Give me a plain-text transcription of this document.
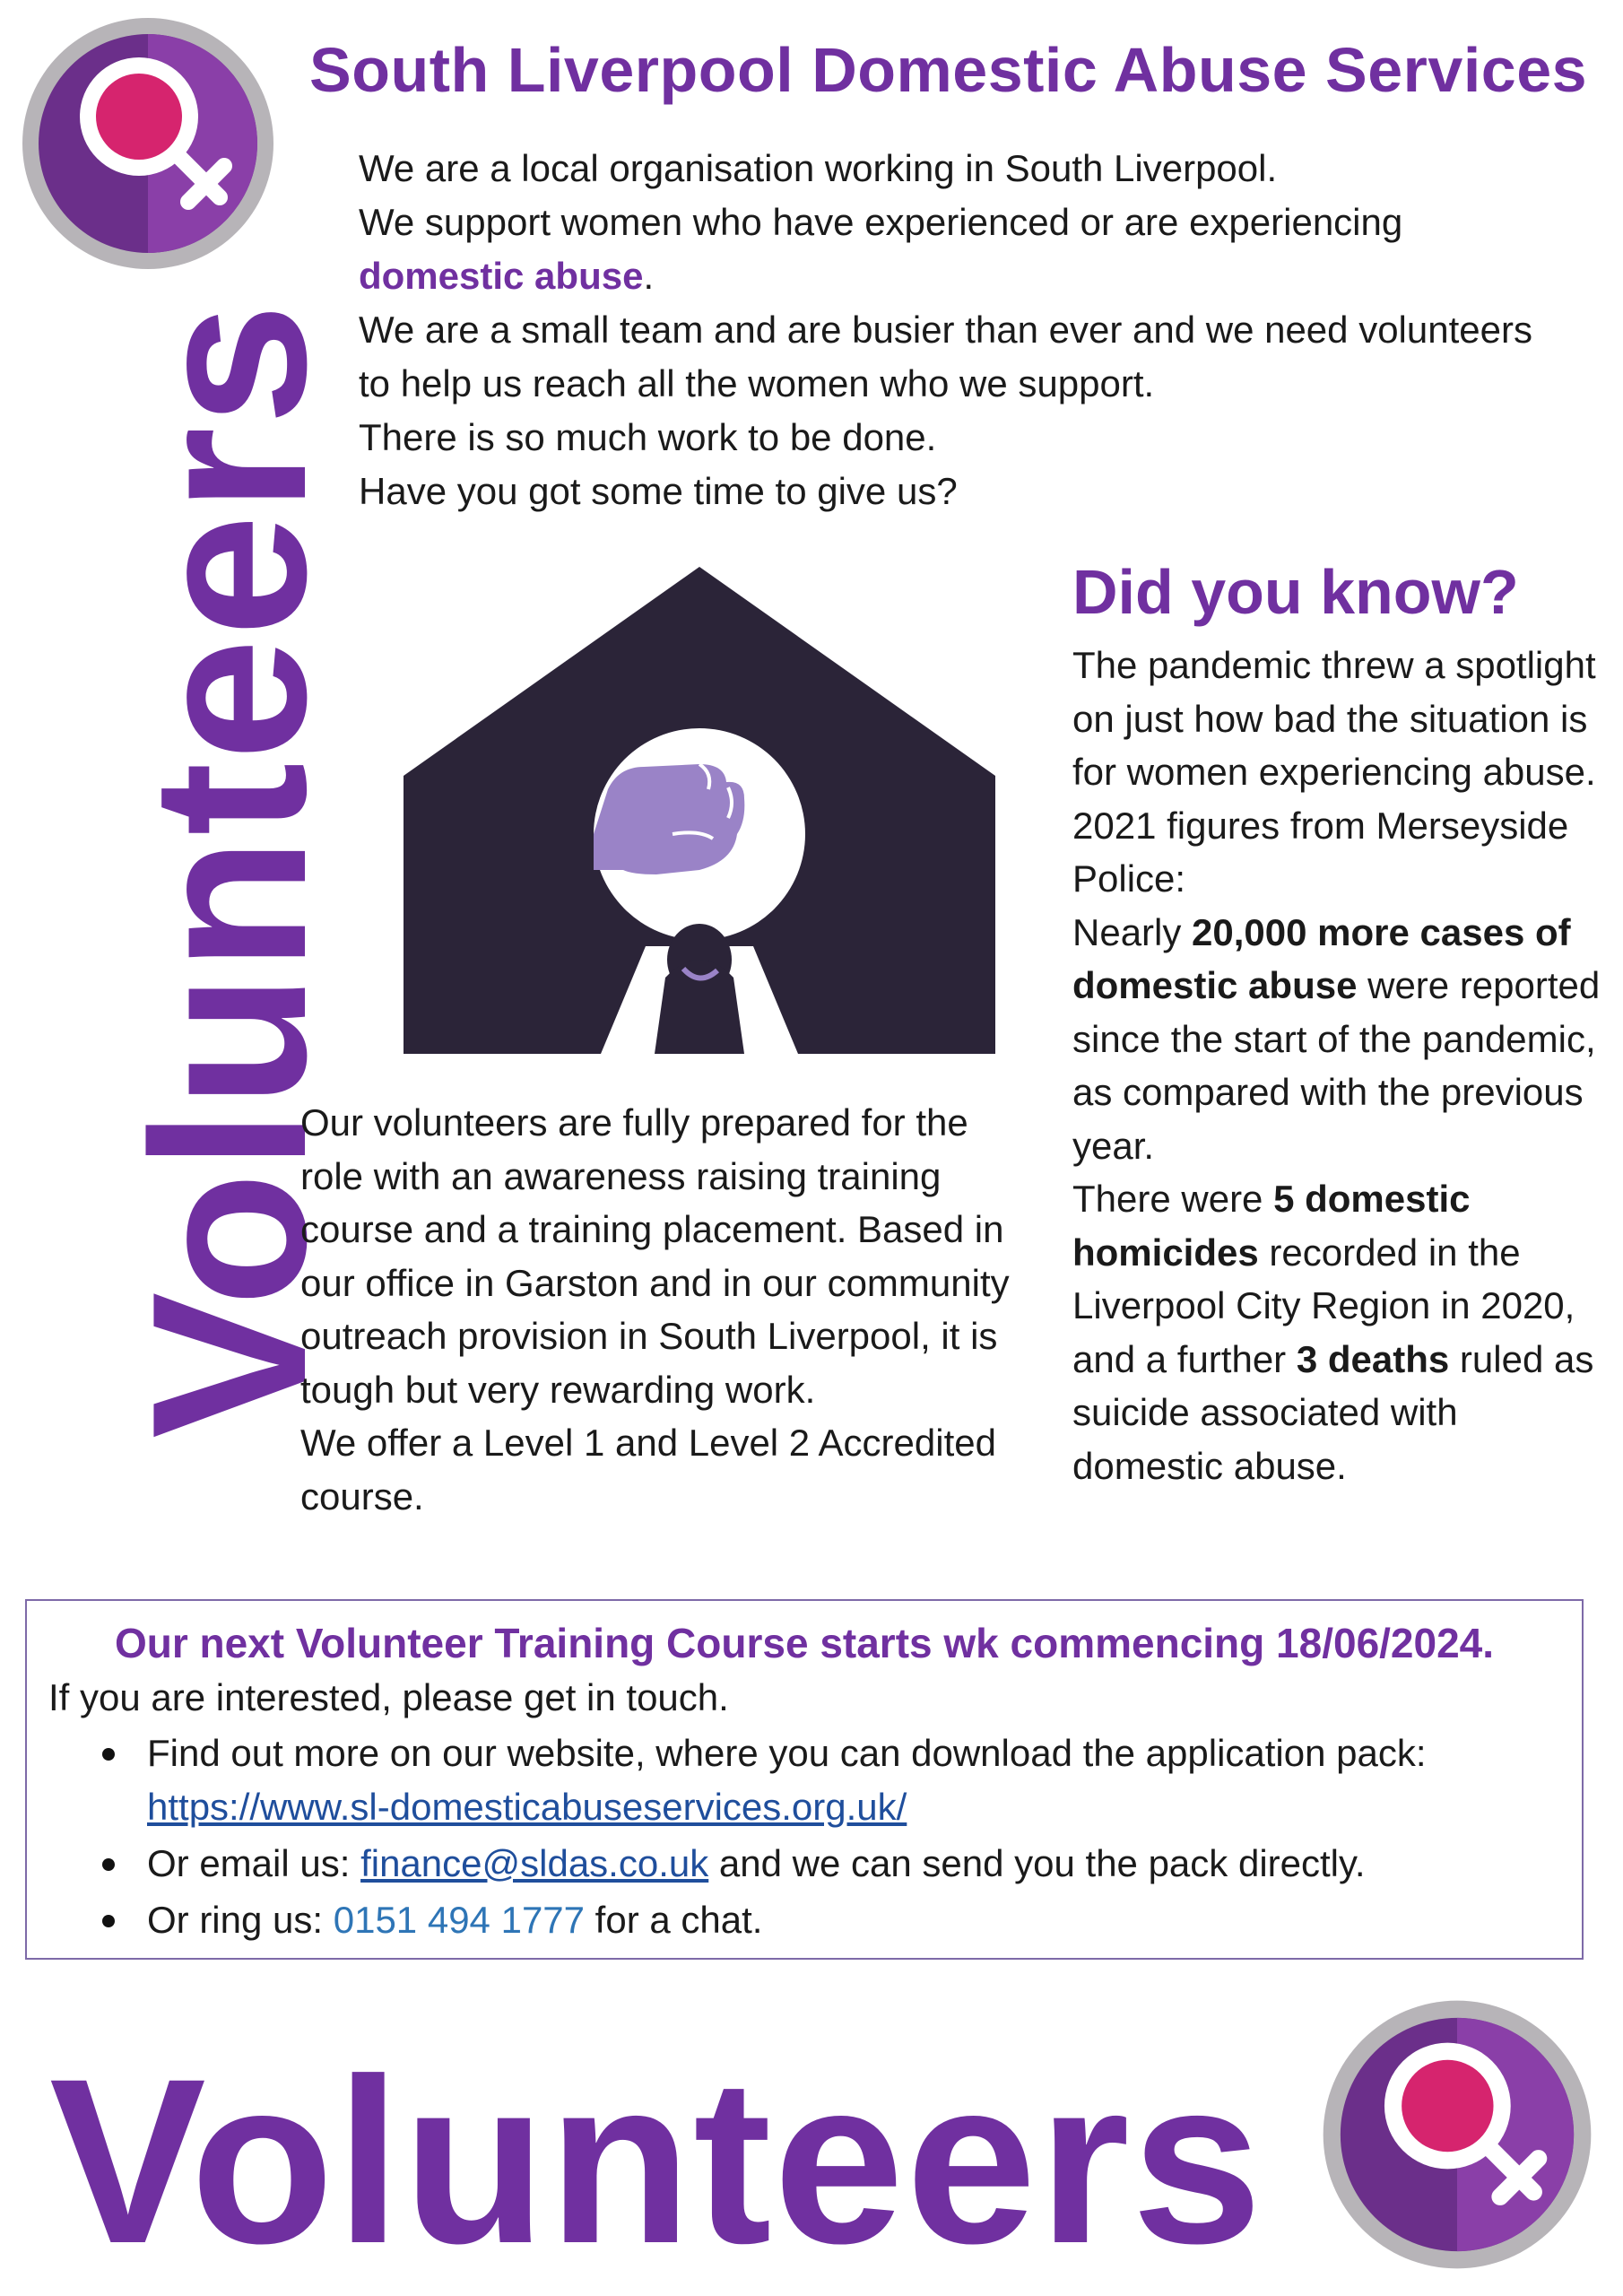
South Liverpool Domestic Abuse Services
Volunteers

We are a local organisation working in South Liverpool.

We support women who have experienced or are experiencing

domestic abuse.

We are a small team and are busier than ever and we need volunteers to help us reach all the women who we support.

There is so much work to be done.

Have you got some time to give us?

Did you know?

The pandemic threw a spotlight on just how bad the situation is for women experiencing abuse.

2021 figures from Merseyside Police:

Nearly 20,000 more cases of domestic abuse were reported since the start of the pandemic, as compared with the previous year.

There were 5 domestic homicides recorded in the Liverpool City Region in 2020, and a further 3 deaths ruled as suicide associated with domestic abuse.

Our volunteers are fully prepared for the role with an awareness raising training course and a training placement. Based in our office in Garston and in our community outreach provision in South Liverpool, it is tough but very rewarding work.

We offer a Level 1 and Level 2 Accredited course.

Our next Volunteer Training Course starts wk commencing 18/06/2024.
If you are interested, please get in touch.
Find out more on our website, where you can download the application pack:
https://www.sl-domesticabuseservices.org.uk/
Or email us: finance@sldas.co.uk and we can send you the pack directly.
Or ring us: 0151 494 1777 for a chat.
Volunteers
